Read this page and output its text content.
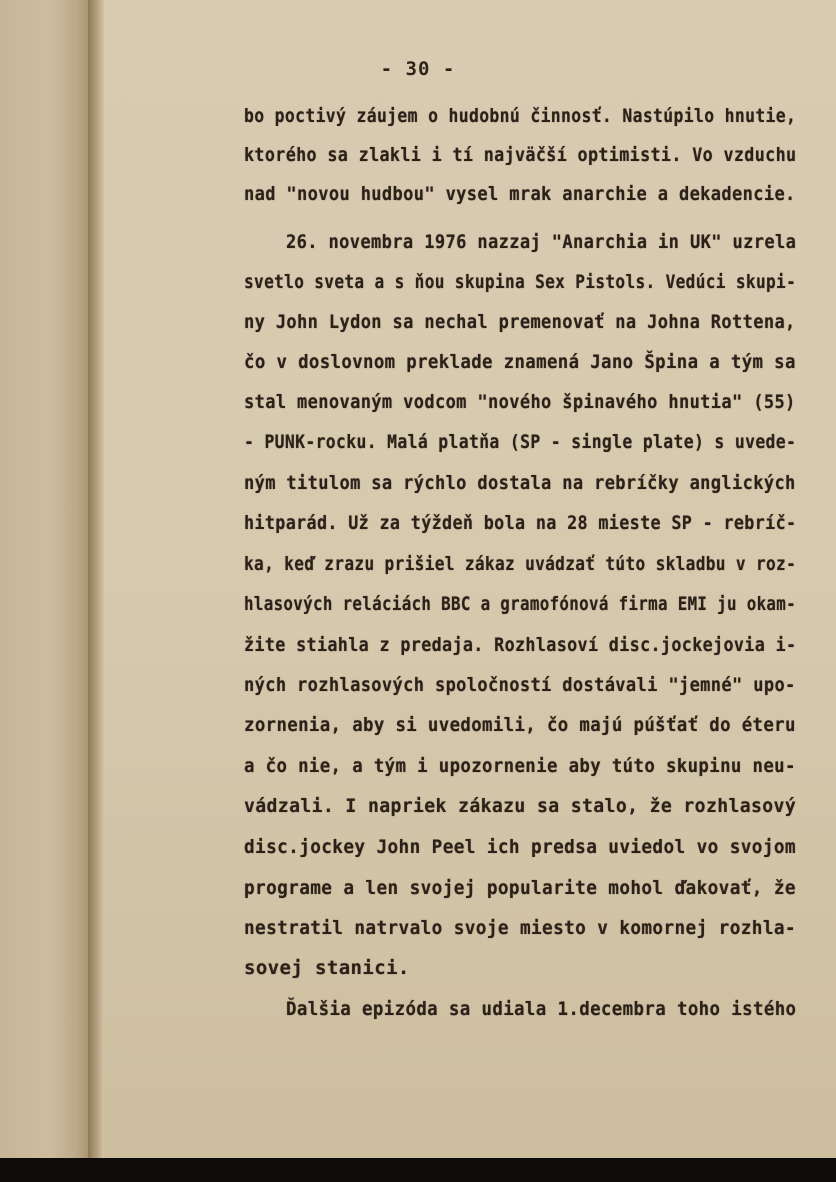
- 30 -

bo poctivý záujem o hudobnú činnosť. Nastúpilo hnutie,

ktorého sa zlakli i tí najväčší optimisti. Vo vzduchu

nad "novou hudbou" vysel mrak anarchie a dekadencie.

26. novembra 1976 nazzaj "Anarchia in UK" uzrela

svetlo sveta a s ňou skupina Sex Pistols. Vedúci skupi-

ny John Lydon sa nechal premenovať na Johna Rottena,

čo v doslovnom preklade znamená Jano Špina a tým sa

stal menovaným vodcom "nového špinavého hnutia" (55)

- PUNK-rocku. Malá platňa (SP - single plate) s uvede-

ným titulom sa rýchlo dostala na rebríčky anglických

hitparád. Už za týždeň bola na 28 mieste SP - rebríč-

ka, keď zrazu prišiel zákaz uvádzať túto skladbu v roz-

hlasových reláciách BBC a gramofónová firma EMI ju okam-

žite stiahla z predaja. Rozhlasoví disc.jockejovia i-

ných rozhlasových spoločností dostávali "jemné" upo-

zornenia, aby si uvedomili, čo majú púšťať do éteru

a čo nie, a tým i upozornenie aby túto skupinu neu-

vádzali. I napriek zákazu sa stalo, že rozhlasový

disc.jockey John Peel ich predsa uviedol vo svojom

programe a len svojej popularite mohol ďakovať, že

nestratil natrvalo svoje miesto v komornej rozhla-

sovej stanici.

Ďalšia epizóda sa udiala 1.decembra toho istého
